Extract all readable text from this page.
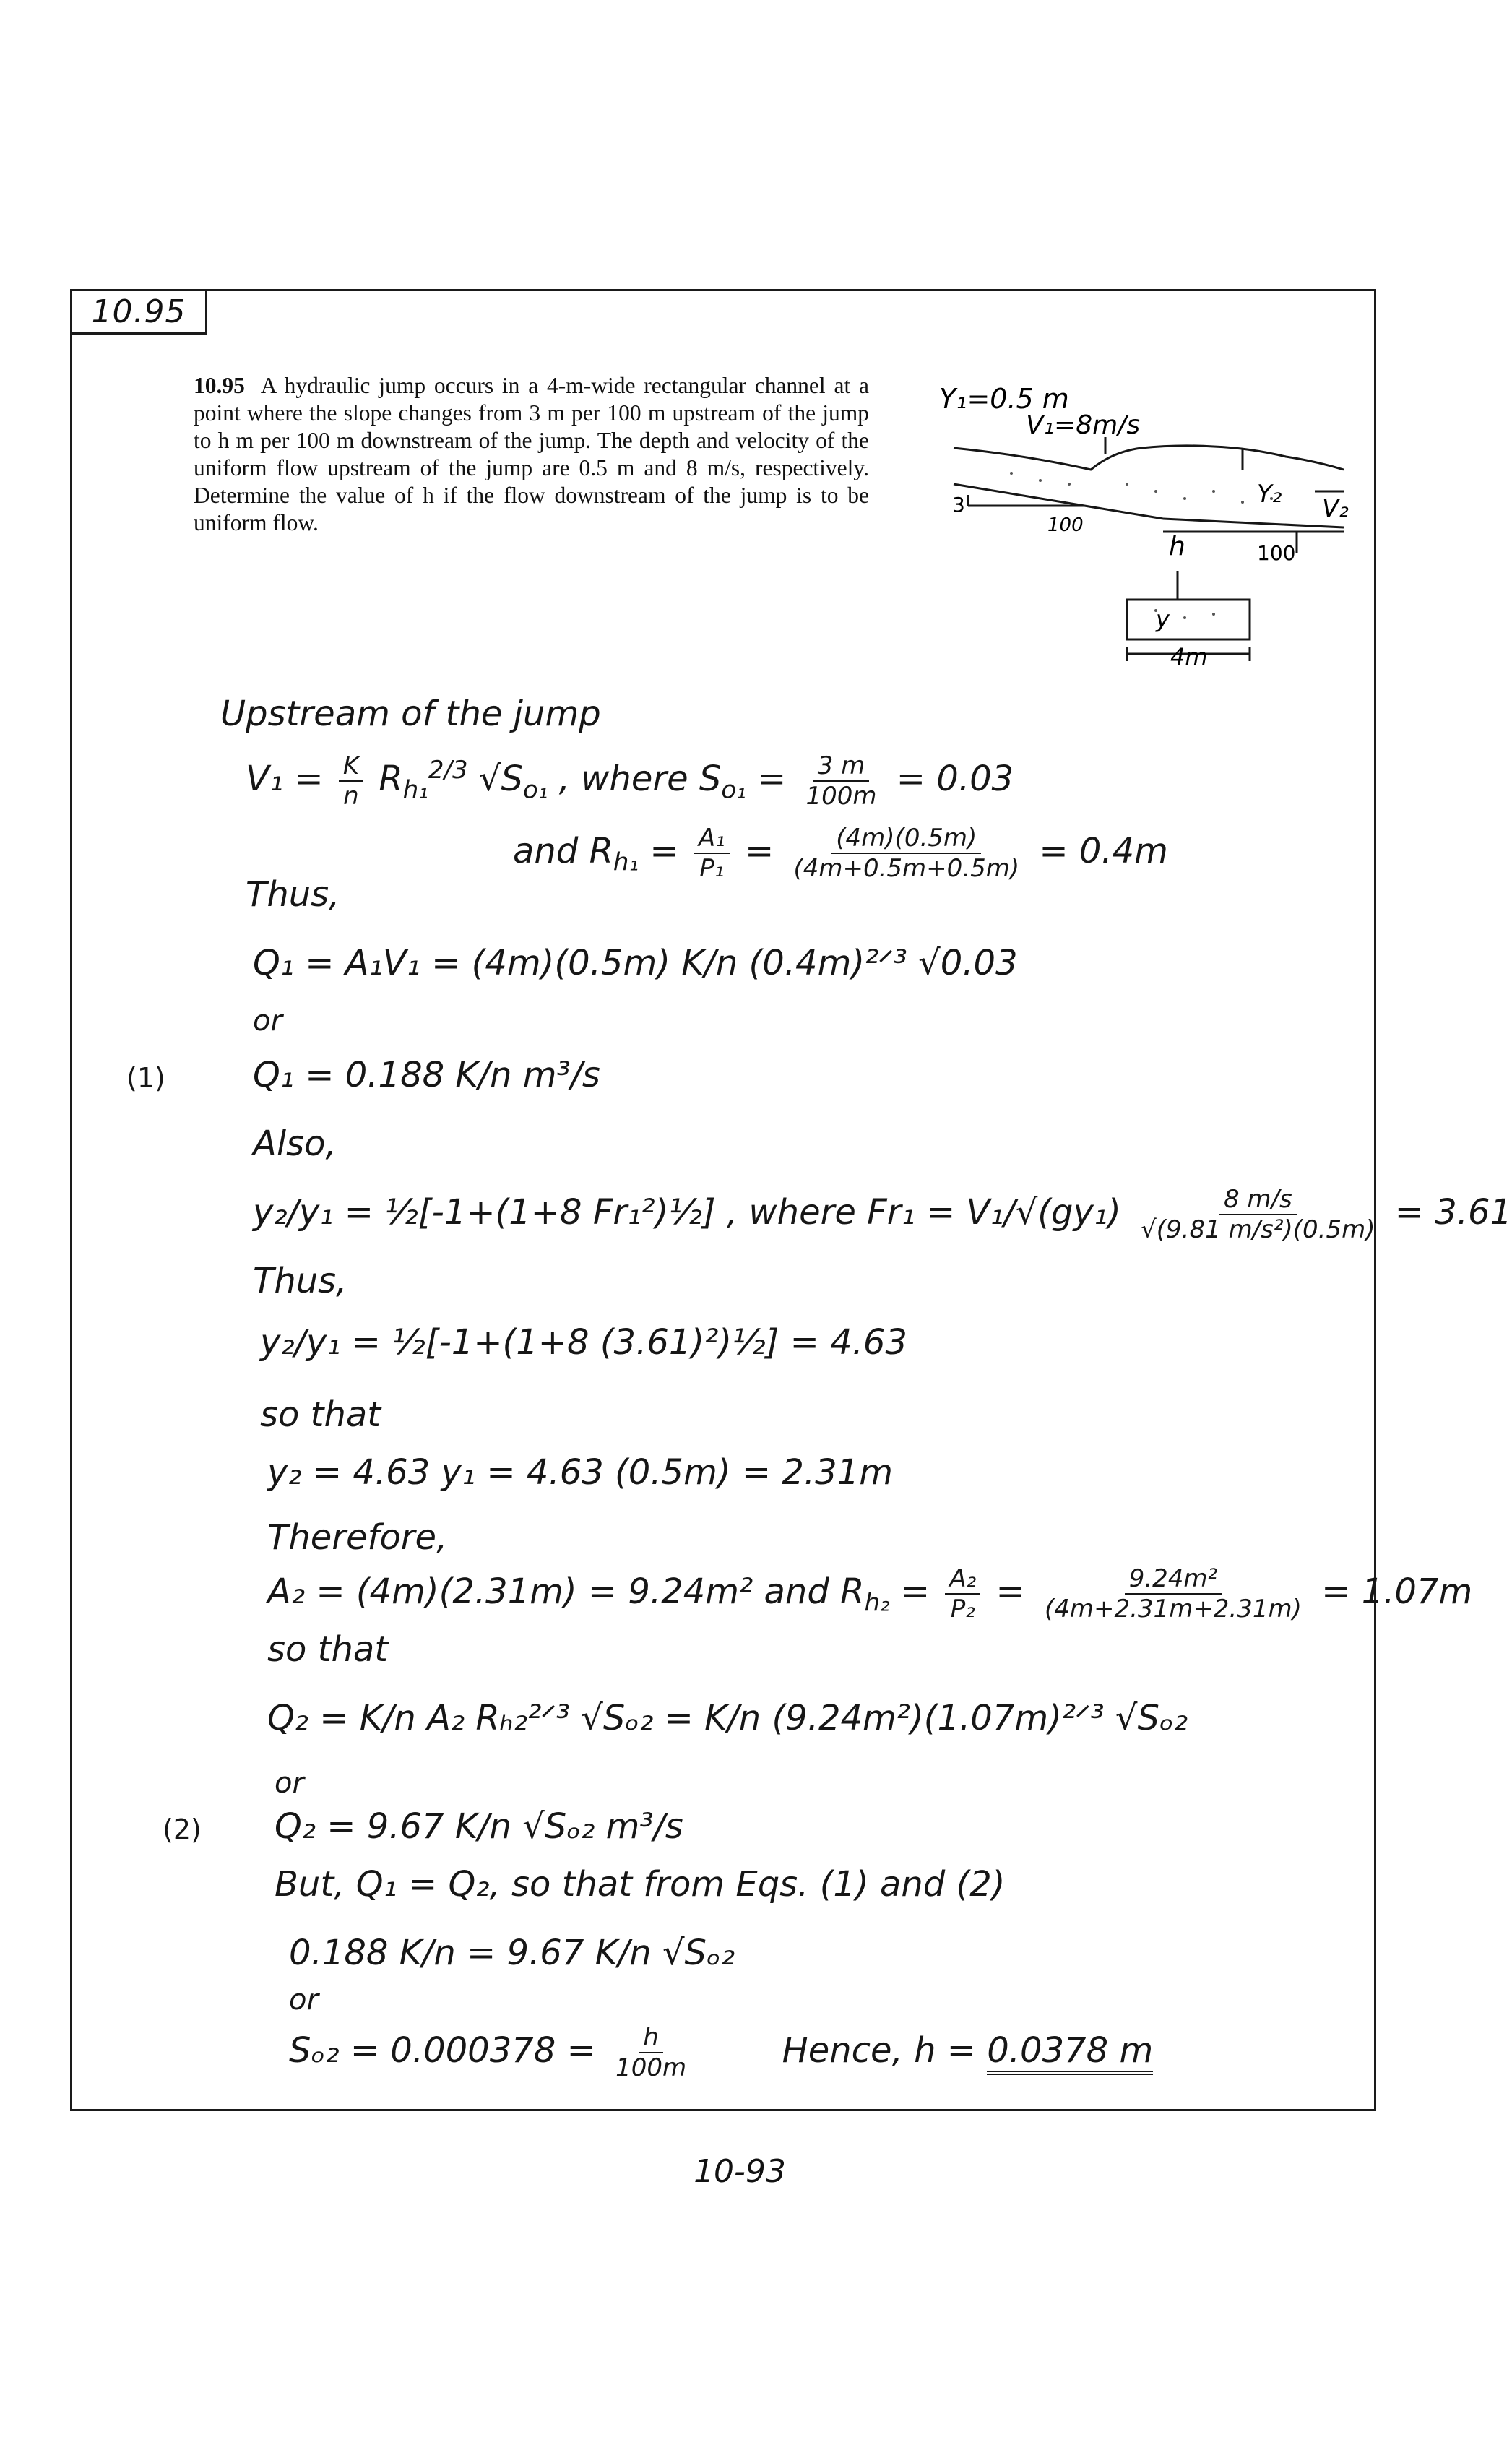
10.95
10.95 A hydraulic jump occurs in a 4-m-wide rectangular channel at a point where the slope changes from 3 m per 100 m upstream of the jump to h m per 100 m downstream of the jump. The depth and velocity of the uniform flow upstream of the jump are 0.5 m and 8 m/s, respectively. Determine the value of h if the flow downstream of the jump is to be uniform flow.
Y₁=0.5 m
V₁=8m/s
Y₂ V₂
3
100
h	100
y
4m
Upstream of the jump
$V_1 = \frac{K}{n} R_{h_1}^{2/3}$ $√S_{o_1}$ , where $S_{o_1} = \frac{3 m}{100m} = 0.03$
and $R_{h_1} = \frac{\text{A₁}}{\text{P₁}} = \frac{(4m)(0.5m)}{(4m+0.5m+0.5m)} = 0.4m$
Thus,
Q₁ = A₁V₁ = (4m)(0.5m) K/n (0.4m)²ᐟ³ √0.03
or
(1)	Q₁ = 0.188 K/n m³/s
Also,
y₂/y₁ = ½[-1+(1+8 Fr₁²)½] , where $Fr_1 = V_1/√(gy_1) \frac{8 m/s}{\text{√(9.81 m/s²)(0.5m)}} = 3.61$
Thus,
y₂/y₁ = ½[-1+(1+8 (3.61)²)½] = 4.63
so that
y₂ = 4.63 y₁ = 4.63 (0.5m) = 2.31m
Therefore,
A₂ = (4m)(2.31m) = 9.24m² and $R_{h_2} = \frac{\text{A₂}}{\text{P₂}} = \frac{\text{9.24m²}}{(4m+2.31m+2.31m)} = 1.07m$
so that
Q₂ = K/n A₂ Rₕ₂²ᐟ³ √Sₒ₂ = K/n (9.24m²)(1.07m)²ᐟ³ √Sₒ₂
or
(2) Q₂ = 9.67 K/n √Sₒ₂ m³/s
But, Q₁ = Q₂, so that from Eqs. (1) and (2)
0.188 K/n = 9.67 K/n √Sₒ₂
or
$S_{o2} = 0.000378 = \frac{h}{100m}$	Hence, h = 0.0378 m
10-93
